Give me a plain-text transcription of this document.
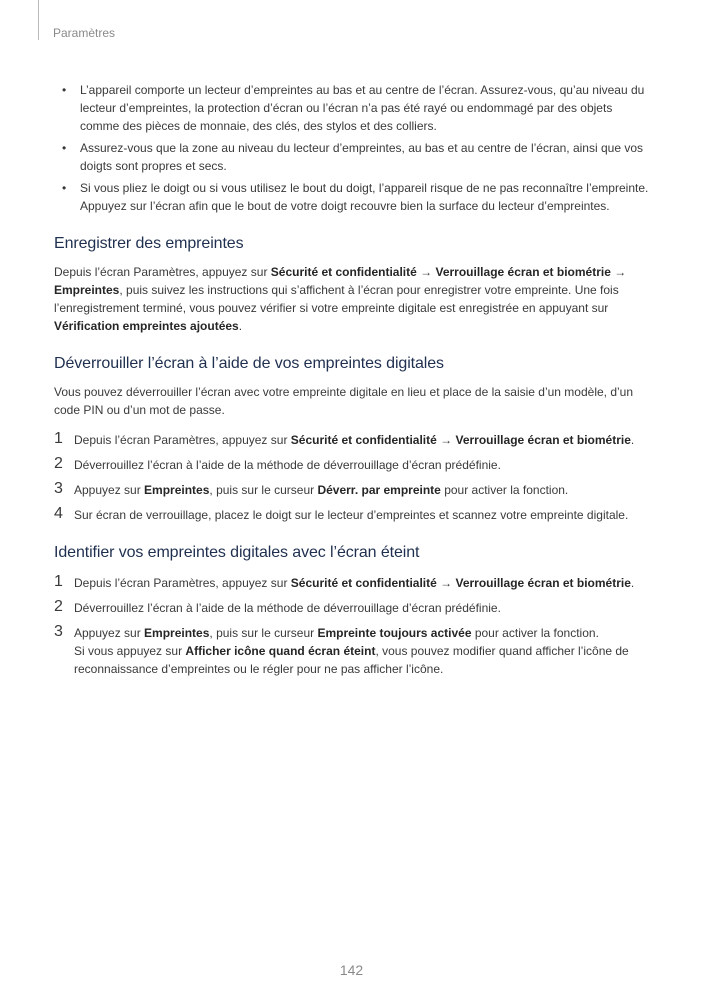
Paramètres
• L’appareil comporte un lecteur d’empreintes au bas et au centre de l’écran. Assurez-vous, qu’au niveau du lecteur d’empreintes, la protection d’écran ou l’écran n’a pas été rayé ou endommagé par des objets comme des pièces de monnaie, des clés, des stylos et des colliers.
• Assurez-vous que la zone au niveau du lecteur d’empreintes, au bas et au centre de l’écran, ainsi que vos doigts sont propres et secs.
• Si vous pliez le doigt ou si vous utilisez le bout du doigt, l’appareil risque de ne pas reconnaître l’empreinte. Appuyez sur l’écran afin que le bout de votre doigt recouvre bien la surface du lecteur d’empreintes.
Enregistrer des empreintes

Depuis l’écran Paramètres, appuyez sur Sécurité et confidentialité → Verrouillage écran et biométrie → Empreintes, puis suivez les instructions qui s’affichent à l’écran pour enregistrer votre empreinte. Une fois l’enregistrement terminé, vous pouvez vérifier si votre empreinte digitale est enregistrée en appuyant sur Vérification empreintes ajoutées.

Déverrouiller l’écran à l’aide de vos empreintes digitales

Vous pouvez déverrouiller l’écran avec votre empreinte digitale en lieu et place de la saisie d’un modèle, d’un code PIN ou d’un mot de passe.

1 Depuis l’écran Paramètres, appuyez sur Sécurité et confidentialité → Verrouillage écran et biométrie.
2 Déverrouillez l’écran à l’aide de la méthode de déverrouillage d’écran prédéfinie.
3 Appuyez sur Empreintes, puis sur le curseur Déverr. par empreinte pour activer la fonction.
4 Sur écran de verrouillage, placez le doigt sur le lecteur d’empreintes et scannez votre empreinte digitale.
Identifier vos empreintes digitales avec l’écran éteint
1 Depuis l’écran Paramètres, appuyez sur Sécurité et confidentialité → Verrouillage écran et biométrie.
2 Déverrouillez l’écran à l’aide de la méthode de déverrouillage d’écran prédéfinie.
3 Appuyez sur Empreintes, puis sur le curseur Empreinte toujours activée pour activer la fonction.
Si vous appuyez sur Afficher icône quand écran éteint, vous pouvez modifier quand afficher l’icône de reconnaissance d’empreintes ou le régler pour ne pas afficher l’icône.
142
